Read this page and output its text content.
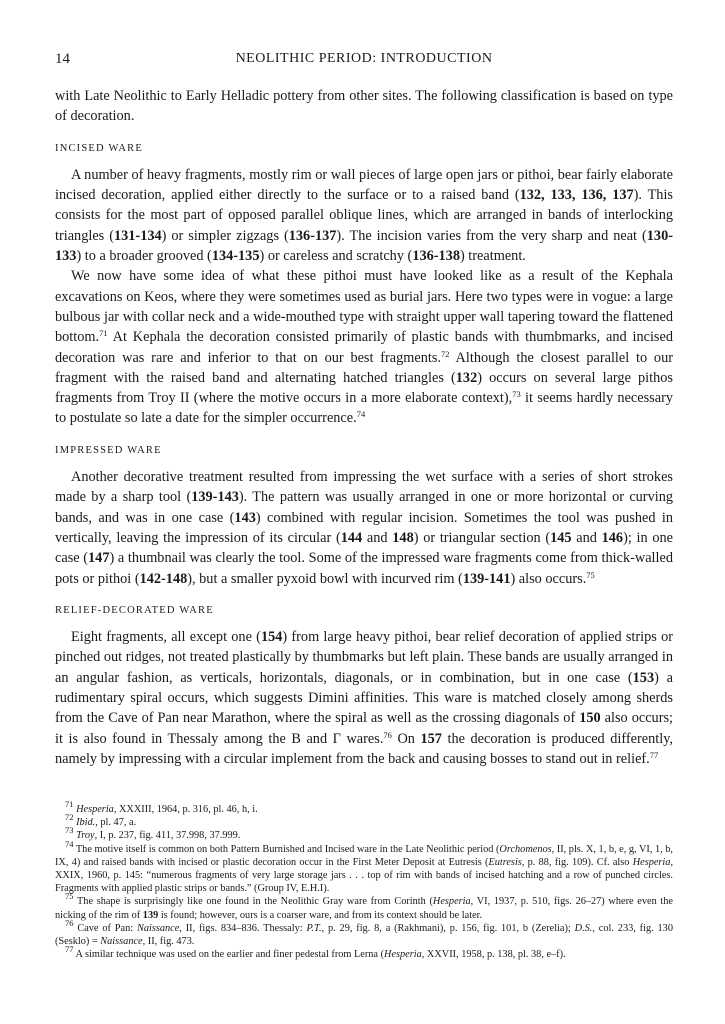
14	NEOLITHIC PERIOD: INTRODUCTION

with Late Neolithic to Early Helladic pottery from other sites. The following classification is based on type of decoration.

INCISED WARE

A number of heavy fragments, mostly rim or wall pieces of large open jars or pithoi, bear fairly elaborate incised decoration, applied either directly to the surface or to a raised band (132, 133, 136, 137). This consists for the most part of opposed parallel oblique lines, which are arranged in bands of interlocking triangles (131-134) or simpler zigzags (136-137). The incision varies from the very sharp and neat (130-133) to a broader grooved (134-135) or careless and scratchy (136-138) treatment.

We now have some idea of what these pithoi must have looked like as a result of the Kephala excavations on Keos, where they were sometimes used as burial jars. Here two types were in vogue: a large bulbous jar with collar neck and a wide-mouthed type with straight upper wall tapering toward the flattened bottom.$^{71}$ At Kephala the decoration consisted primarily of plastic bands with thumbmarks, and incised decoration was rare and inferior to that on our best fragments.$^{72}$ Although the closest parallel to our fragment with the raised band and alternating hatched triangles (132) occurs on several large pithos fragments from Troy II (where the motive occurs in a more elaborate context),$^{73}$ it seems hardly necessary to postulate so late a date for the simpler occurrence.$^{74}$

IMPRESSED WARE

Another decorative treatment resulted from impressing the wet surface with a series of short strokes made by a sharp tool (139-143). The pattern was usually arranged in one or more horizontal or curving bands, and was in one case (143) combined with regular incision. Sometimes the tool was pushed in vertically, leaving the impression of its circular (144 and 148) or triangular section (145 and 146); in one case (147) a thumbnail was clearly the tool. Some of the impressed ware fragments come from thick-walled pots or pithoi (142-148), but a smaller pyxoid bowl with incurved rim (139-141) also occurs.$^{75}$

RELIEF-DECORATED WARE

Eight fragments, all except one (154) from large heavy pithoi, bear relief decoration of applied strips or pinched out ridges, not treated plastically by thumbmarks but left plain. These bands are usually arranged in an angular fashion, as verticals, horizontals, diagonals, or in combination, but in one case (153) a rudimentary spiral occurs, which suggests Dimini affinities. This ware is matched closely among sherds from the Cave of Pan near Marathon, where the spiral as well as the crossing diagonals of 150 also occurs; it is also found in Thessaly among the B and Γ wares.$^{76}$ On 157 the decoration is produced differently, namely by impressing with a circular implement from the back and causing bosses to stand out in relief.$^{77}$

$^{71}$ Hesperia, XXXIII, 1964, p. 316, pl. 46, h, i.

$^{72}$ Ibid., pl. 47, a.

$^{73}$ Troy, I, p. 237, fig. 411, 37.998, 37.999.

$^{74}$ The motive itself is common on both Pattern Burnished and Incised ware in the Late Neolithic period (Orchomenos, II, pls. X, 1, b, e, g, VI, 1, b, IX, 4) and raised bands with incised or plastic decoration occur in the First Meter Deposit at Eutresis (Eutresis, p. 88, fig. 109). Cf. also Hesperia, XXIX, 1960, p. 145: “numerous fragments of very large storage jars . . . top of rim with bands of incised hatching and a row of punched circles. Fragments with applied plastic strips or bands.” (Group IV, E.H.I).

$^{75}$ The shape is surprisingly like one found in the Neolithic Gray ware from Corinth (Hesperia, VI, 1937, p. 510, figs. 26–27) where even the nicking of the rim of 139 is found; however, ours is a coarser ware, and from its context should be later.

$^{76}$ Cave of Pan: Naissance, II, figs. 834–836. Thessaly: P.T., p. 29, fig. 8, a (Rakhmani), p. 156, fig. 101, b (Zerelia); D.S., col. 233, fig. 130 (Sesklo) = Naissance, II, fig. 473.

$^{77}$ A similar technique was used on the earlier and finer pedestal from Lerna (Hesperia, XXVII, 1958, p. 138, pl. 38, e–f).
